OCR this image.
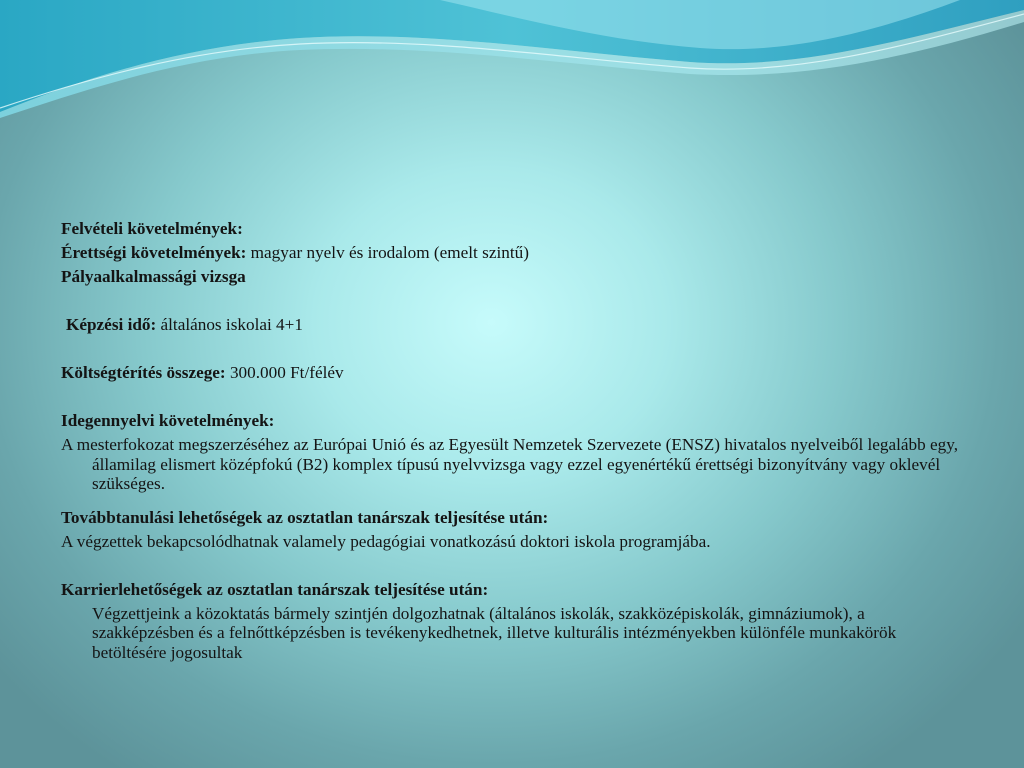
Felvételi követelmények:
Érettségi követelmények: magyar nyelv és irodalom (emelt szintű)
Pályaalkalmassági vizsga
Képzési idő: általános iskolai 4+1
Költségtérítés összege: 300.000 Ft/félév
Idegennyelvi követelmények:
A mesterfokozat megszerzéséhez az Európai Unió és az Egyesült Nemzetek Szervezete (ENSZ) hivatalos nyelveiből legalább egy, államilag elismert középfokú (B2) komplex típusú nyelvvizsga vagy ezzel egyenértékű érettségi bizonyítvány vagy oklevél szükséges.
Továbbtanulási lehetőségek az osztatlan tanárszak teljesítése után:
A végzettek bekapcsolódhatnak valamely pedagógiai vonatkozású doktori iskola programjába.
Karrierlehetőségek az osztatlan tanárszak teljesítése után:
Végzettjeink a közoktatás bármely szintjén dolgozhatnak (általános iskolák, szakközépiskolák, gimnáziumok), a szakképzésben és a felnőttképzésben is tevékenykedhetnek, illetve kulturális intézményekben különféle munkakörök betöltésére jogosultak
